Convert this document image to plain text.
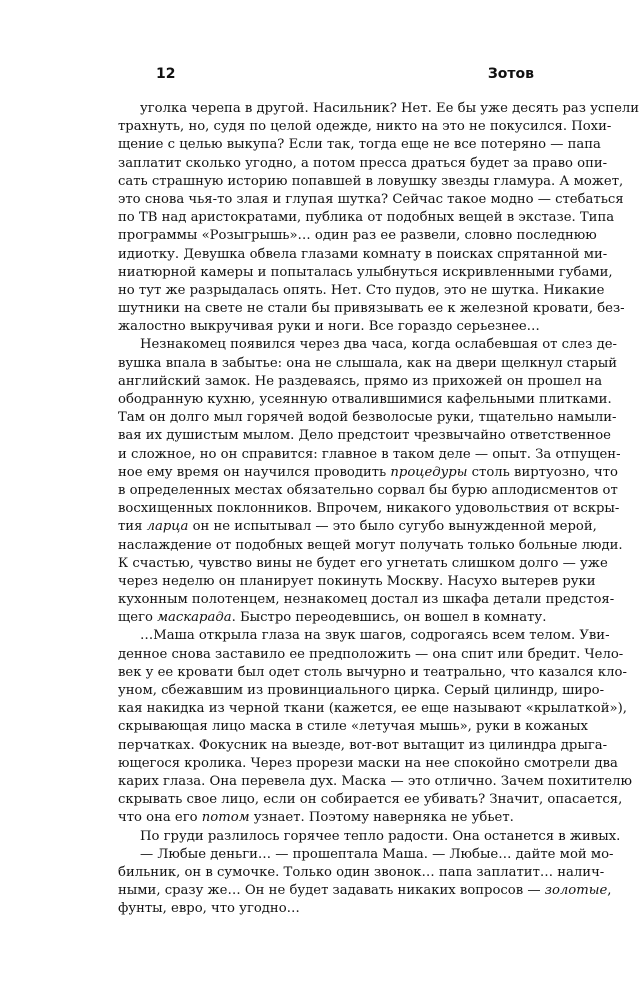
12	Зотов
уголка черепа в другой. Насильник? Нет. Ее бы уже десять раз успели
трахнуть, но, судя по целой одежде, никто на это не покусился. Похи-
щение с целью выкупа? Если так, тогда еще не все потеряно — папа
заплатит сколько угодно, а потом пресса драться будет за право опи-
сать страшную историю попавшей в ловушку звезды гламура. А может,
это снова чья-то злая и глупая шутка? Сейчас такое модно — стебаться
по ТВ над аристократами, публика от подобных вещей в экстазе. Типа
программы «Розыгрышь»… один раз ее развели, словно последнюю
идиотку. Девушка обвела глазами комнату в поисках спрятанной ми-
ниатюрной камеры и попыталась улыбнуться искривленными губами,
но тут же разрыдалась опять. Нет. Сто пудов, это не шутка. Никакие
шутники на свете не стали бы привязывать ее к железной кровати, без-
жалостно выкручивая руки и ноги. Все гораздо серьезнее…
Незнакомец появился через два часа, когда ослабевшая от слез де-
вушка впала в забытье: она не слышала, как на двери щелкнул старый
английский замок. Не раздеваясь, прямо из прихожей он прошел на
ободранную кухню, усеянную отвалившимися кафельными плитками.
Там он долго мыл горячей водой безволосые руки, тщательно намыли-
вая их душистым мылом. Дело предстоит чрезвычайно ответственное
и сложное, но он справится: главное в таком деле — опыт. За отпущен-
ное ему время он научился проводить процедуры столь виртуозно, что
в определенных местах обязательно сорвал бы бурю аплодисментов от
восхищенных поклонников. Впрочем, никакого удовольствия от вскры-
тия ларца он не испытывал — это было сугубо вынужденной мерой,
наслаждение от подобных вещей могут получать только больные люди.
К счастью, чувство вины не будет его угнетать слишком долго — уже
через неделю он планирует покинуть Москву. Насухо вытерев руки
кухонным полотенцем, незнакомец достал из шкафа детали предстоя-
щего маскарада. Быстро переодевшись, он вошел в комнату.
…Маша открыла глаза на звук шагов, содрогаясь всем телом. Уви-
денное снова заставило ее предположить — она спит или бредит. Чело-
век у ее кровати был одет столь вычурно и театрально, что казался кло-
уном, сбежавшим из провинциального цирка. Серый цилиндр, широ-
кая накидка из черной ткани (кажется, ее еще называют «крылаткой»),
скрывающая лицо маска в стиле «летучая мышь», руки в кожаных
перчатках. Фокусник на выезде, вот-вот вытащит из цилиндра дрыга-
ющегося кролика. Через прорези маски на нее спокойно смотрели два
карих глаза. Она перевела дух. Маска — это отлично. Зачем похитителю
скрывать свое лицо, если он собирается ее убивать? Значит, опасается,
что она его потом узнает. Поэтому наверняка не убьет.
По груди разлилось горячее тепло радости. Она останется в живых.
— Любые деньги… — прошептала Маша. — Любые… дайте мой мо-
бильник, он в сумочке. Только один звонок… папа заплатит… налич-
ными, сразу же… Он не будет задавать никаких вопросов — золотые,
фунты, евро, что угодно…
